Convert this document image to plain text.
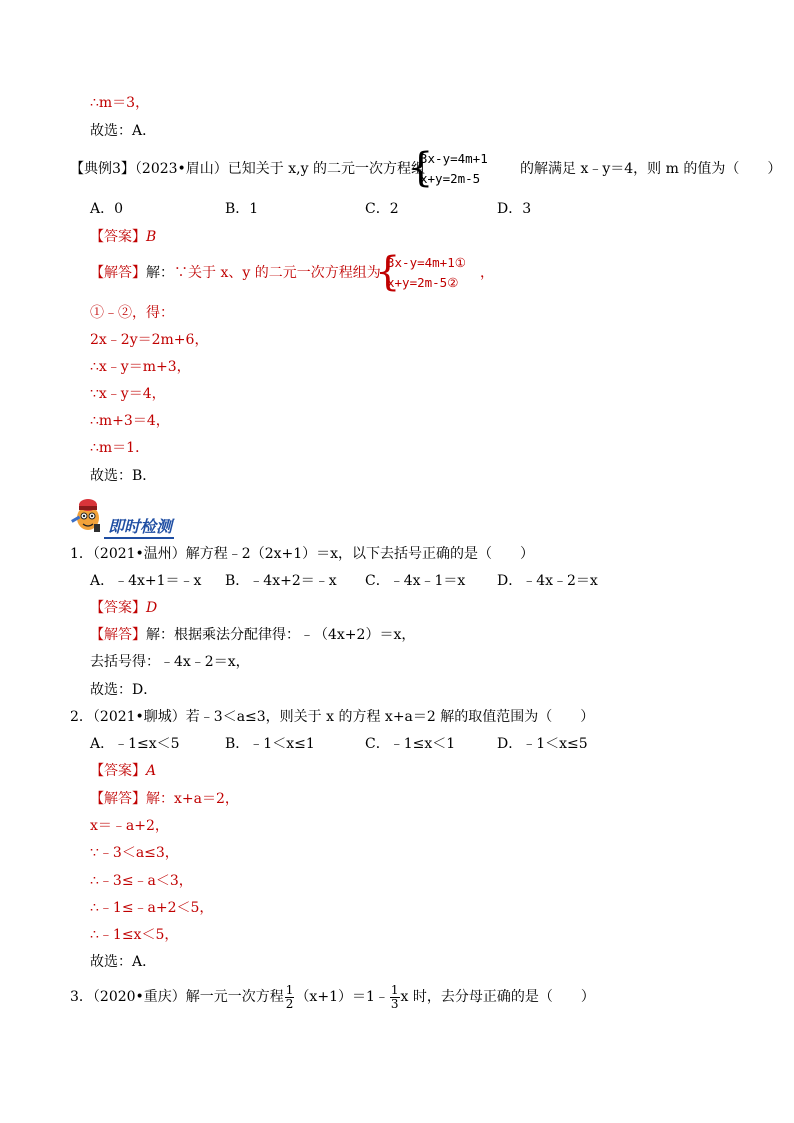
∴m＝3，
故选：A．
【典例3】（2023•眉山）已知关于 x,y 的二元一次方程组
{
3x-y=4m+1
x+y=2m-5
的解满足 x﹣y＝4，则 m 的值为（　　）
A．0	B．1	C．2	D．3
【答案】B
【解答】解：∵关于 x、y 的二元一次方程组为
{
3x-y=4m+1①
x+y=2m-5②
，
①﹣②，得：
2x﹣2y＝2m+6，
∴x﹣y＝m+3，
∵x﹣y＝4，
∴m+3＝4，
∴m＝1．
故选：B．
即时检测
1．（2021•温州）解方程﹣2（2x+1）＝x，以下去括号正确的是（　　）
A．﹣4x+1＝﹣x B．﹣4x+2＝﹣x C．﹣4x﹣1＝x D．﹣4x﹣2＝x
【答案】D
【解答】解：根据乘法分配律得：﹣（4x+2）＝x，
去括号得：﹣4x﹣2＝x，
故选：D．
2．（2021•聊城）若﹣3＜a≤3，则关于 x 的方程 x+a＝2 解的取值范围为（　　）
A．﹣1≤x＜5	B．﹣1＜x≤1	C．﹣1≤x＜1	D．﹣1＜x≤5
【答案】A
【解答】解：x+a＝2，
x＝﹣a+2，
∵﹣3＜a≤3，
∴﹣3≤﹣a＜3，
∴﹣1≤﹣a+2＜5，
∴﹣1≤x＜5，
故选：A．
3．（2020•重庆）解一元一次方程 $\frac{1}{2}$ （x+1）＝1﹣ $\frac{1}{3}$ x 时，去分母正确的是（　　）
